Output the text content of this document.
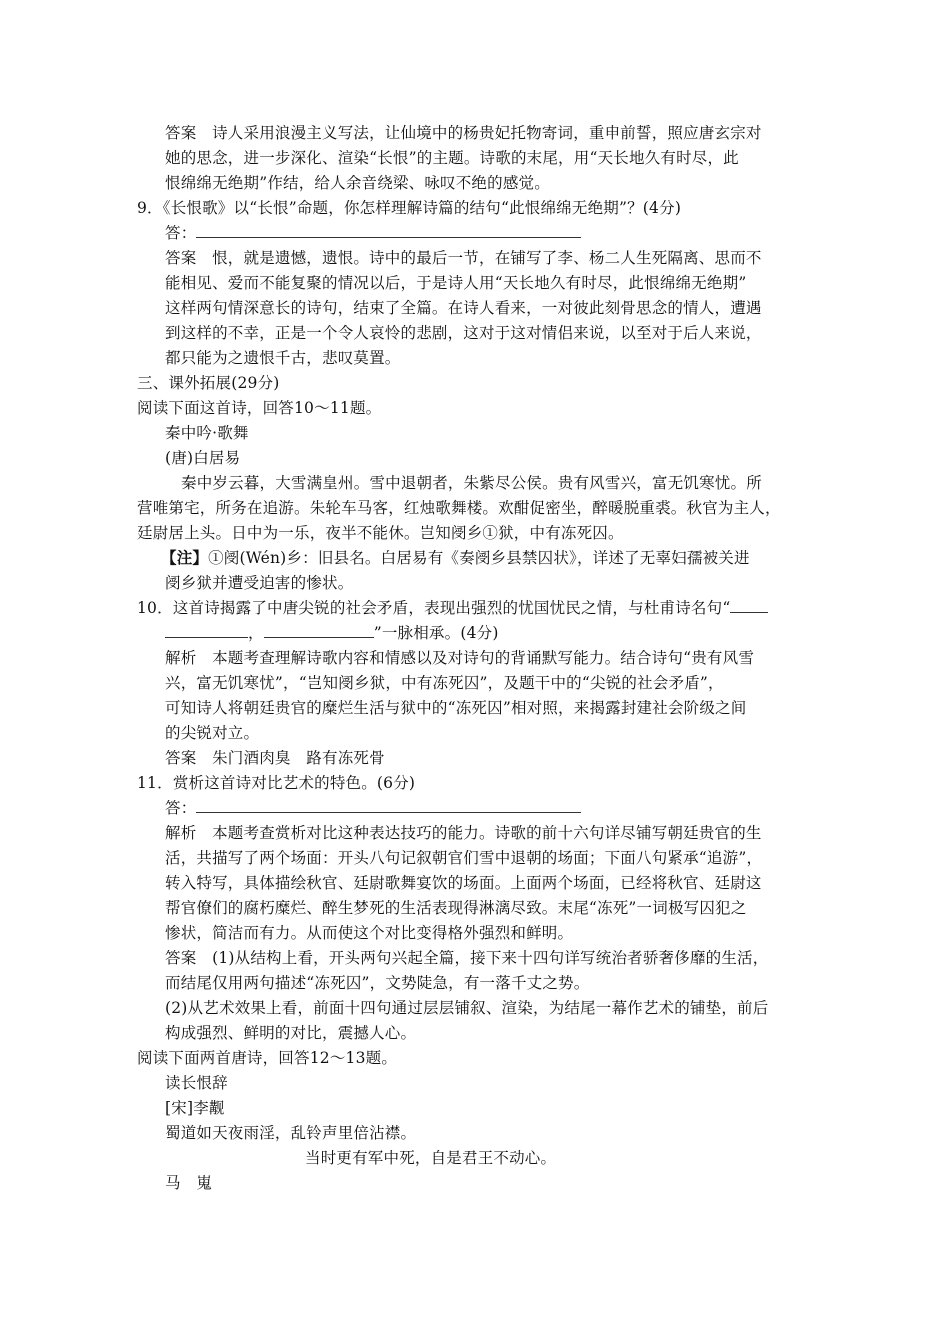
答案　诗人采用浪漫主义写法，让仙境中的杨贵妃托物寄词，重申前誓，照应唐玄宗对
她的思念，进一步深化、渲染“长恨”的主题。诗歌的末尾，用“天长地久有时尽，此
恨绵绵无绝期”作结，给人余音绕梁、咏叹不绝的感觉。
9．《长恨歌》以“长恨”命题，你怎样理解诗篇的结句“此恨绵绵无绝期”？(4分)
答：
答案　恨，就是遗憾，遗恨。诗中的最后一节，在铺写了李、杨二人生死隔离、思而不
能相见、爱而不能复聚的情况以后，于是诗人用“天长地久有时尽，此恨绵绵无绝期”
这样两句情深意长的诗句，结束了全篇。在诗人看来，一对彼此刻骨思念的情人，遭遇
到这样的不幸，正是一个令人哀怜的悲剧，这对于这对情侣来说，以至对于后人来说，
都只能为之遗恨千古，悲叹莫置。
三、课外拓展(29分)
阅读下面这首诗，回答10～11题。
秦中吟·歌舞
(唐)白居易
秦中岁云暮，大雪满皇州。雪中退朝者，朱紫尽公侯。贵有风雪兴，富无饥寒忧。所
营唯第宅，所务在追游。朱轮车马客，红烛歌舞楼。欢酣促密坐，醉暖脱重裘。秋官为主人，
廷尉居上头。日中为一乐，夜半不能休。岂知阌乡①狱，中有冻死囚。
【注】①阌(Wén)乡：旧县名。白居易有《奏阌乡县禁囚状》，详述了无辜妇孺被关进
阌乡狱并遭受迫害的惨状。
10．这首诗揭露了中唐尖锐的社会矛盾，表现出强烈的忧国忧民之情，与杜甫诗名句“
，	”一脉相承。(4分)
解析　本题考查理解诗歌内容和情感以及对诗句的背诵默写能力。结合诗句“贵有风雪
兴，富无饥寒忧”，“岂知阌乡狱，中有冻死囚”，及题干中的“尖锐的社会矛盾”，
可知诗人将朝廷贵官的糜烂生活与狱中的“冻死囚”相对照，来揭露封建社会阶级之间
的尖锐对立。
答案　朱门酒肉臭　路有冻死骨
11．赏析这首诗对比艺术的特色。(6分)
答：
解析　本题考查赏析对比这种表达技巧的能力。诗歌的前十六句详尽铺写朝廷贵官的生
活，共描写了两个场面：开头八句记叙朝官们雪中退朝的场面；下面八句紧承“追游”，
转入特写，具体描绘秋官、廷尉歌舞宴饮的场面。上面两个场面，已经将秋官、廷尉这
帮官僚们的腐朽糜烂、醉生梦死的生活表现得淋漓尽致。末尾“冻死”一词极写囚犯之
惨状，简洁而有力。从而使这个对比变得格外强烈和鲜明。
答案　(1)从结构上看，开头两句兴起全篇，接下来十四句详写统治者骄奢侈靡的生活，
而结尾仅用两句描述“冻死囚”，文势陡急，有一落千丈之势。
(2)从艺术效果上看，前面十四句通过层层铺叙、渲染，为结尾一幕作艺术的铺垫，前后
构成强烈、鲜明的对比，震撼人心。
阅读下面两首唐诗，回答12～13题。
读长恨辞
[宋]李觏
蜀道如天夜雨淫，乱铃声里倍沾襟。
当时更有军中死，自是君王不动心。
马　嵬
